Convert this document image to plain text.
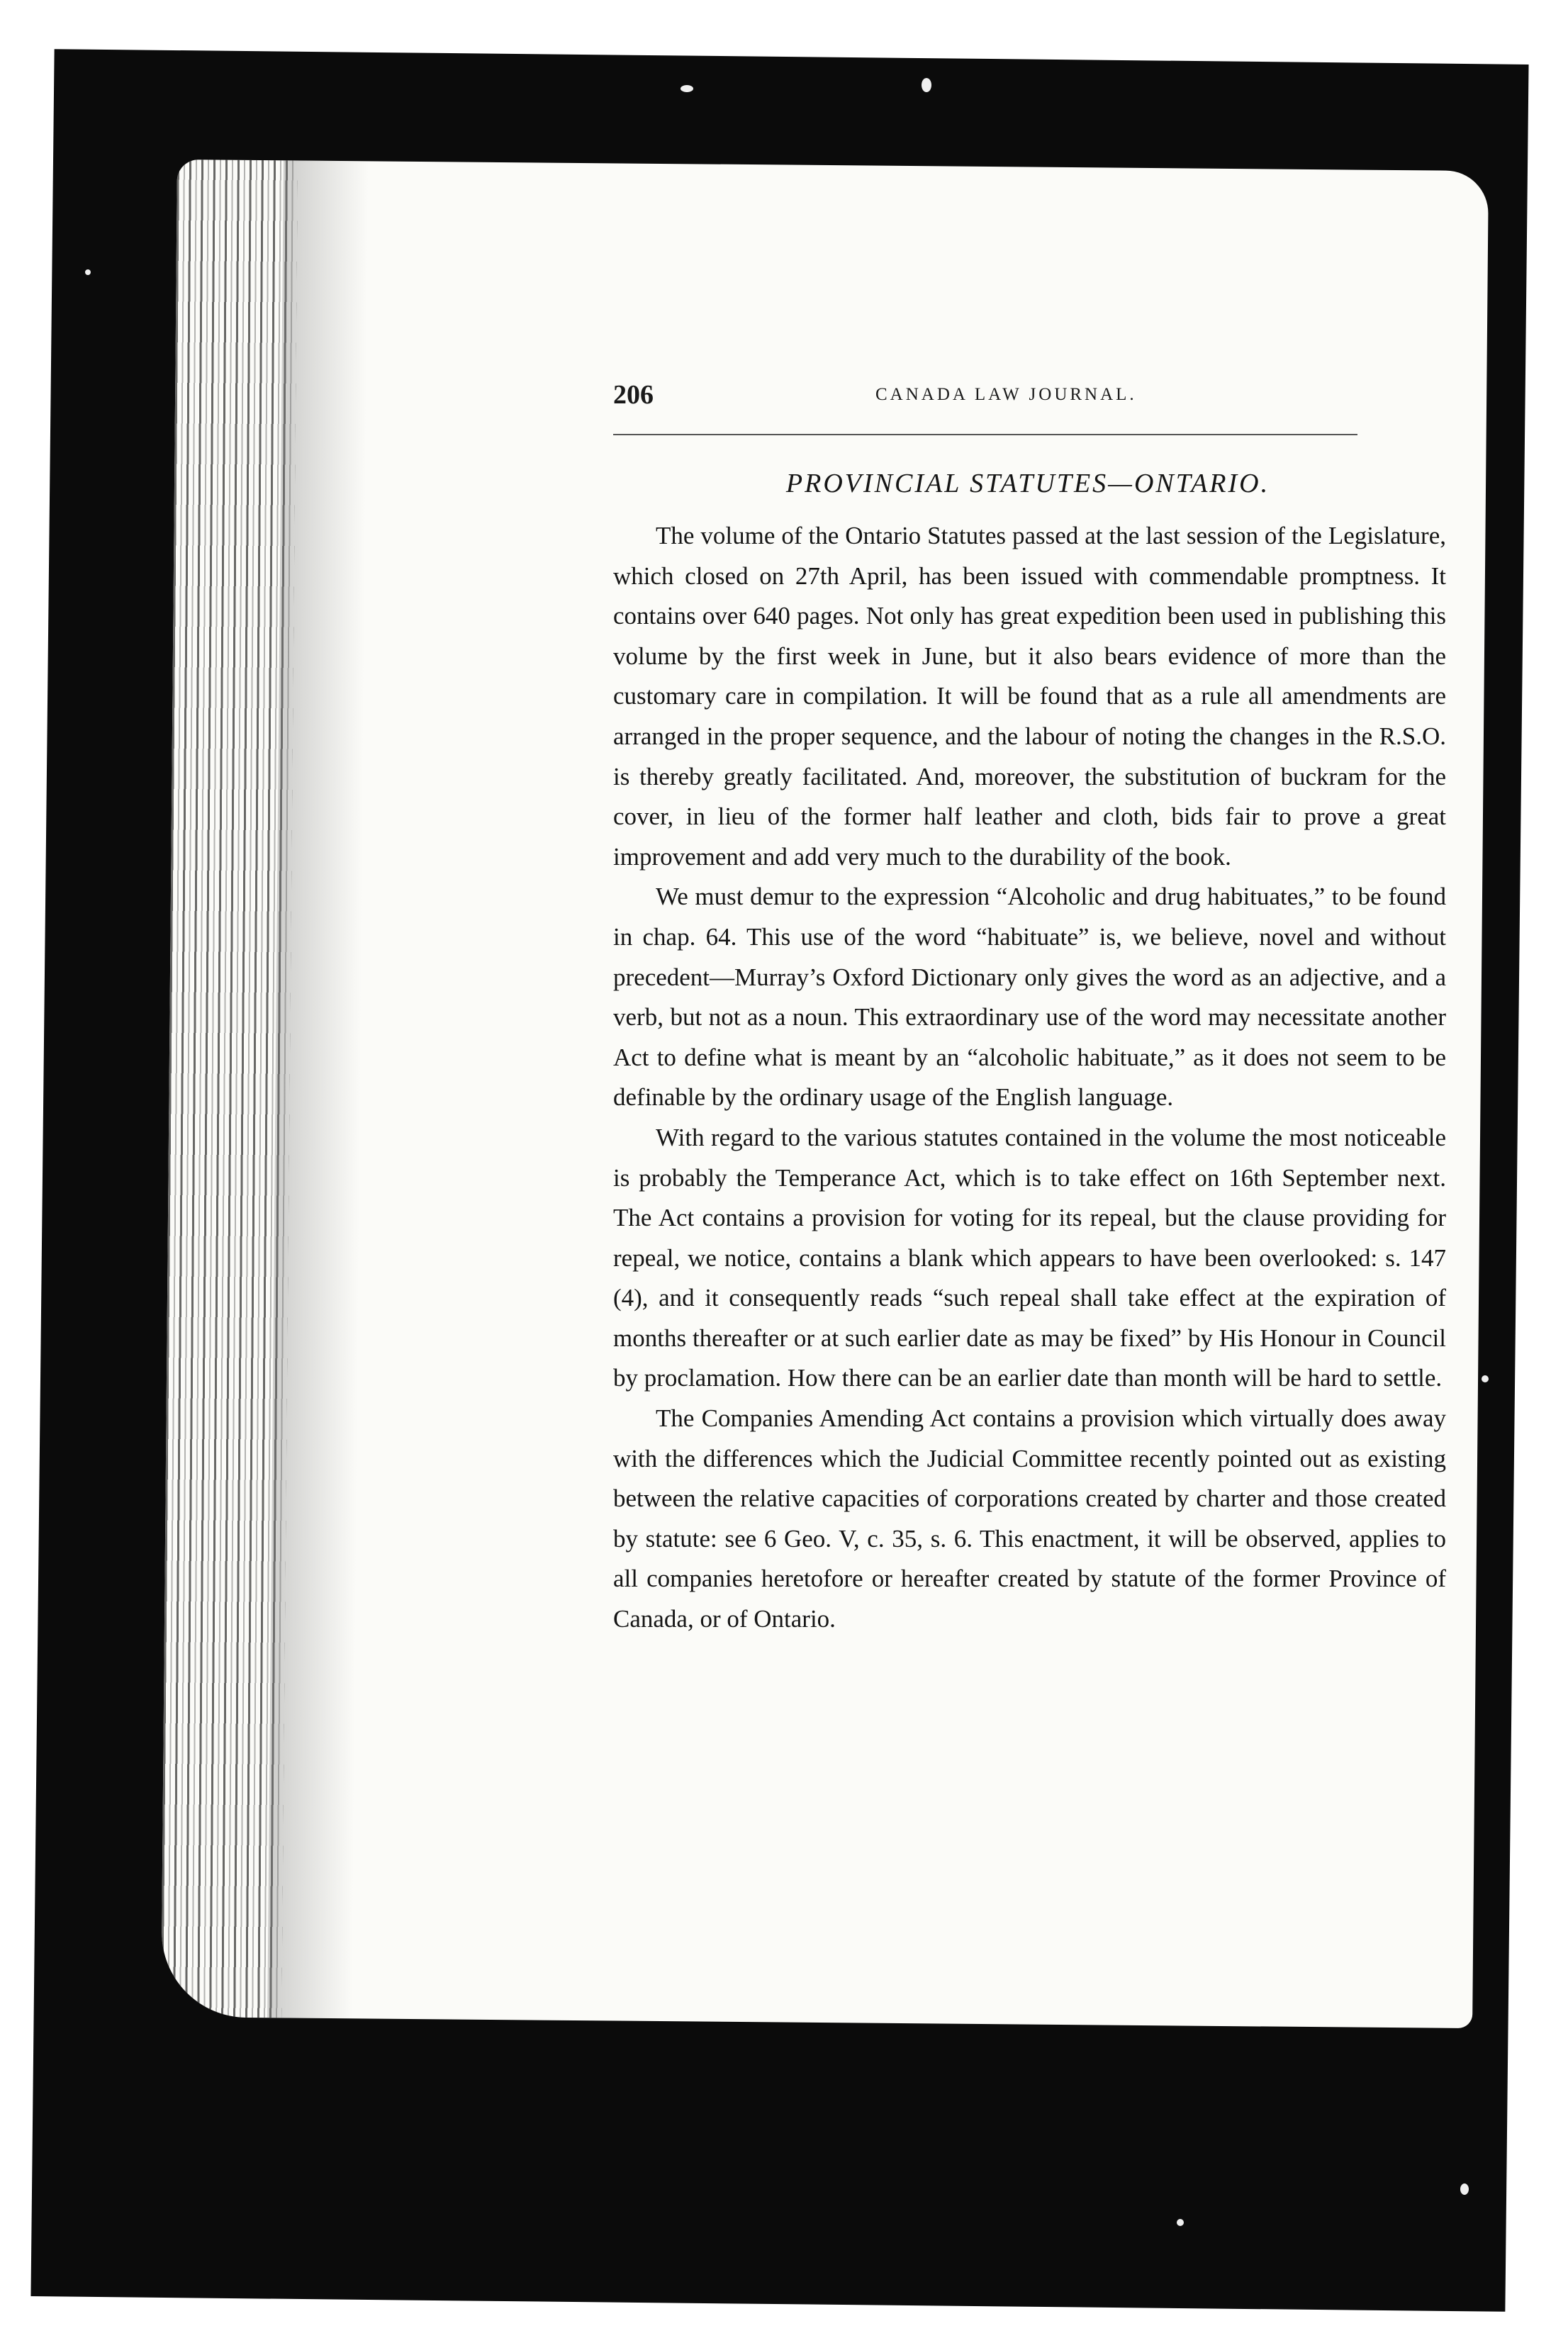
206	CANADA LAW JOURNAL.
PROVINCIAL STATUTES—ONTARIO.

The volume of the Ontario Statutes passed at the last session of the Legislature, which closed on 27th April, has been issued with commendable promptness. It contains over 640 pages. Not only has great expedition been used in publishing this volume by the first week in June, but it also bears evidence of more than the customary care in compilation. It will be found that as a rule all amendments are arranged in the proper sequence, and the labour of noting the changes in the R.S.O. is thereby greatly facilitated. And, moreover, the substitution of buckram for the cover, in lieu of the former half leather and cloth, bids fair to prove a great improvement and add very much to the durability of the book.

We must demur to the expression “Alcoholic and drug habituates,” to be found in chap. 64. This use of the word “habituate” is, we believe, novel and without precedent—Murray’s Oxford Dictionary only gives the word as an adjective, and a verb, but not as a noun. This extraordinary use of the word may necessitate another Act to define what is meant by an “alcoholic habituate,” as it does not seem to be definable by the ordinary usage of the English language.

With regard to the various statutes contained in the volume the most noticeable is probably the Temperance Act, which is to take effect on 16th September next. The Act contains a provision for voting for its repeal, but the clause providing for repeal, we notice, contains a blank which appears to have been overlooked: s. 147 (4), and it consequently reads “such repeal shall take effect at the expiration of months thereafter or at such earlier date as may be fixed” by His Honour in Council by proclamation. How there can be an earlier date than month will be hard to settle.

The Companies Amending Act contains a provision which virtually does away with the differences which the Judicial Committee recently pointed out as existing between the relative capacities of corporations created by charter and those created by statute: see 6 Geo. V, c. 35, s. 6. This enactment, it will be observed, applies to all companies heretofore or hereafter created by statute of the former Province of Canada, or of Ontario.
